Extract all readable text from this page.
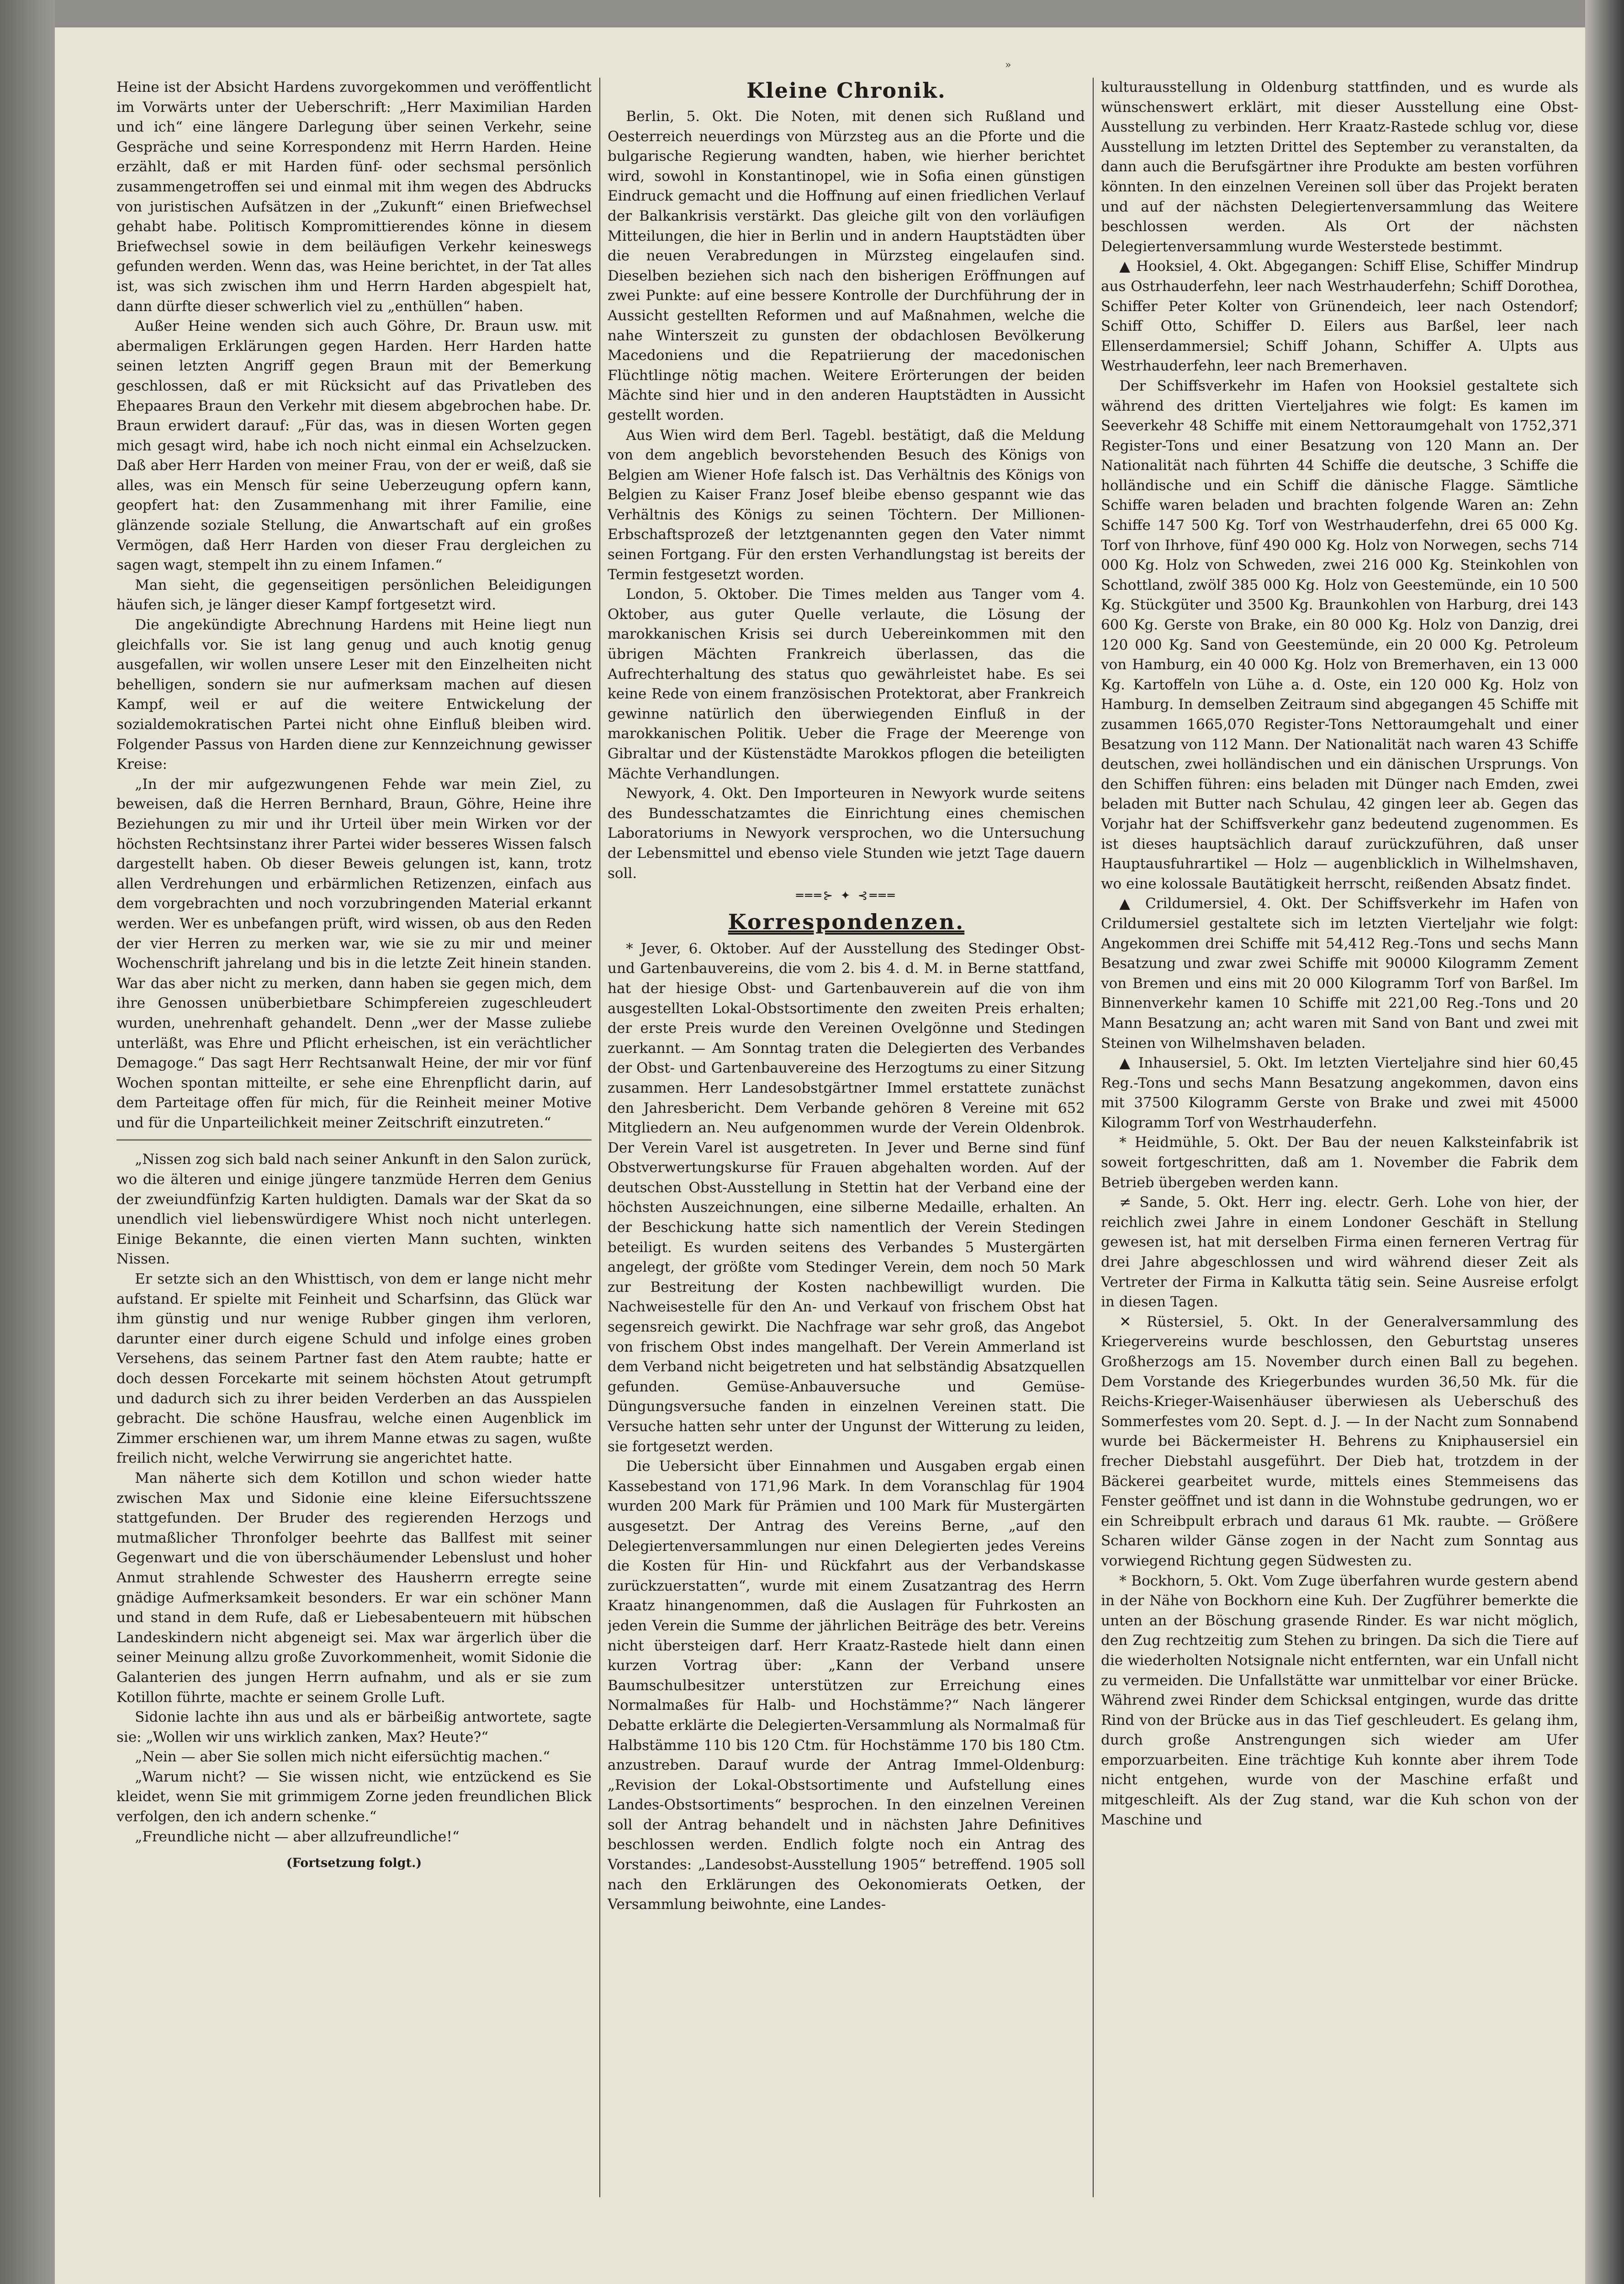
»

Heine ist der Absicht Hardens zuvorgekommen und veröffentlicht im Vorwärts unter der Ueberschrift: „Herr Maximilian Harden und ich“ eine längere Darlegung über seinen Verkehr, seine Gespräche und seine Korrespondenz mit Herrn Harden. Heine erzählt, daß er mit Harden fünf- oder sechsmal persönlich zusammengetroffen sei und einmal mit ihm wegen des Abdrucks von juristischen Aufsätzen in der „Zukunft“ einen Briefwechsel gehabt habe. Politisch Kompromittierendes könne in diesem Briefwechsel sowie in dem beiläufigen Verkehr keineswegs gefunden werden. Wenn das, was Heine berichtet, in der Tat alles ist, was sich zwischen ihm und Herrn Harden abgespielt hat, dann dürfte dieser schwerlich viel zu „enthüllen“ haben.

Außer Heine wenden sich auch Göhre, Dr. Braun usw. mit abermaligen Erklärungen gegen Harden. Herr Harden hatte seinen letzten Angriff gegen Braun mit der Bemerkung geschlossen, daß er mit Rücksicht auf das Privatleben des Ehepaares Braun den Verkehr mit diesem abgebrochen habe. Dr. Braun erwidert darauf: „Für das, was in diesen Worten gegen mich gesagt wird, habe ich noch nicht einmal ein Achselzucken. Daß aber Herr Harden von meiner Frau, von der er weiß, daß sie alles, was ein Mensch für seine Ueberzeugung opfern kann, geopfert hat: den Zusammenhang mit ihrer Familie, eine glänzende soziale Stellung, die Anwartschaft auf ein großes Vermögen, daß Herr Harden von dieser Frau dergleichen zu sagen wagt, stempelt ihn zu einem Infamen.“

Man sieht, die gegenseitigen persönlichen Beleidigungen häufen sich, je länger dieser Kampf fortgesetzt wird.

Die angekündigte Abrechnung Hardens mit Heine liegt nun gleichfalls vor. Sie ist lang genug und auch knotig genug ausgefallen, wir wollen unsere Leser mit den Einzelheiten nicht behelligen, sondern sie nur aufmerksam machen auf diesen Kampf, weil er auf die weitere Entwickelung der sozialdemokratischen Partei nicht ohne Einfluß bleiben wird. Folgender Passus von Harden diene zur Kennzeichnung gewisser Kreise:

„In der mir aufgezwungenen Fehde war mein Ziel, zu beweisen, daß die Herren Bernhard, Braun, Göhre, Heine ihre Beziehungen zu mir und ihr Urteil über mein Wirken vor der höchsten Rechtsinstanz ihrer Partei wider besseres Wissen falsch dargestellt haben. Ob dieser Beweis gelungen ist, kann, trotz allen Verdrehungen und erbärmlichen Retizenzen, einfach aus dem vorgebrachten und noch vorzubringenden Material erkannt werden. Wer es unbefangen prüft, wird wissen, ob aus den Reden der vier Herren zu merken war, wie sie zu mir und meiner Wochenschrift jahrelang und bis in die letzte Zeit hinein standen. War das aber nicht zu merken, dann haben sie gegen mich, dem ihre Genossen unüberbietbare Schimpfereien zugeschleudert wurden, unehrenhaft gehandelt. Denn „wer der Masse zuliebe unterläßt, was Ehre und Pflicht erheischen, ist ein verächtlicher Demagoge.“ Das sagt Herr Rechtsanwalt Heine, der mir vor fünf Wochen spontan mitteilte, er sehe eine Ehrenpflicht darin, auf dem Parteitage offen für mich, für die Reinheit meiner Motive und für die Unparteilichkeit meiner Zeitschrift einzutreten.“

„Nissen zog sich bald nach seiner Ankunft in den Salon zurück, wo die älteren und einige jüngere tanzmüde Herren dem Genius der zweiundfünfzig Karten huldigten. Damals war der Skat da so unendlich viel liebenswürdigere Whist noch nicht unterlegen. Einige Bekannte, die einen vierten Mann suchten, winkten Nissen.

Er setzte sich an den Whisttisch, von dem er lange nicht mehr aufstand. Er spielte mit Feinheit und Scharfsinn, das Glück war ihm günstig und nur wenige Rubber gingen ihm verloren, darunter einer durch eigene Schuld und infolge eines groben Versehens, das seinem Partner fast den Atem raubte; hatte er doch dessen Forcekarte mit seinem höchsten Atout getrumpft und dadurch sich zu ihrer beiden Verderben an das Ausspielen gebracht. Die schöne Hausfrau, welche einen Augenblick im Zimmer erschienen war, um ihrem Manne etwas zu sagen, wußte freilich nicht, welche Verwirrung sie angerichtet hatte.

Man näherte sich dem Kotillon und schon wieder hatte zwischen Max und Sidonie eine kleine Eifersuchtsszene stattgefunden. Der Bruder des regierenden Herzogs und mutmaßlicher Thronfolger beehrte das Ballfest mit seiner Gegenwart und die von überschäumender Lebenslust und hoher Anmut strahlende Schwester des Hausherrn erregte seine gnädige Aufmerksamkeit besonders. Er war ein schöner Mann und stand in dem Rufe, daß er Liebesabenteuern mit hübschen Landeskindern nicht abgeneigt sei. Max war ärgerlich über die seiner Meinung allzu große Zuvorkommenheit, womit Sidonie die Galanterien des jungen Herrn aufnahm, und als er sie zum Kotillon führte, machte er seinem Grolle Luft.

Sidonie lachte ihn aus und als er bärbeißig antwortete, sagte sie: „Wollen wir uns wirklich zanken, Max? Heute?“

„Nein — aber Sie sollen mich nicht eifersüchtig machen.“

„Warum nicht? — Sie wissen nicht, wie entzückend es Sie kleidet, wenn Sie mit grimmigem Zorne jeden freundlichen Blick verfolgen, den ich andern schenke.“

„Freundliche nicht — aber allzufreundliche!“

(Fortsetzung folgt.)
Kleine Chronik.

Berlin, 5. Okt. Die Noten, mit denen sich Rußland und Oesterreich neuerdings von Mürzsteg aus an die Pforte und die bulgarische Regierung wandten, haben, wie hierher berichtet wird, sowohl in Konstantinopel, wie in Sofia einen günstigen Eindruck gemacht und die Hoffnung auf einen friedlichen Verlauf der Balkankrisis verstärkt. Das gleiche gilt von den vorläufigen Mitteilungen, die hier in Berlin und in andern Hauptstädten über die neuen Verabredungen in Mürzsteg eingelaufen sind. Dieselben beziehen sich nach den bisherigen Eröffnungen auf zwei Punkte: auf eine bessere Kontrolle der Durchführung der in Aussicht gestellten Reformen und auf Maßnahmen, welche die nahe Winterszeit zu gunsten der obdachlosen Bevölkerung Macedoniens und die Repatriierung der macedonischen Flüchtlinge nötig machen. Weitere Erörterungen der beiden Mächte sind hier und in den anderen Hauptstädten in Aussicht gestellt worden.

Aus Wien wird dem Berl. Tagebl. bestätigt, daß die Meldung von dem angeblich bevorstehenden Besuch des Königs von Belgien am Wiener Hofe falsch ist. Das Verhältnis des Königs von Belgien zu Kaiser Franz Josef bleibe ebenso gespannt wie das Verhältnis des Königs zu seinen Töchtern. Der Millionen-Erbschaftsprozeß der letztgenannten gegen den Vater nimmt seinen Fortgang. Für den ersten Verhandlungstag ist bereits der Termin festgesetzt worden.

London, 5. Oktober. Die Times melden aus Tanger vom 4. Oktober, aus guter Quelle verlaute, die Lösung der marokkanischen Krisis sei durch Uebereinkommen mit den übrigen Mächten Frankreich überlassen, das die Aufrechterhaltung des status quo gewährleistet habe. Es sei keine Rede von einem französischen Protektorat, aber Frankreich gewinne natürlich den überwiegenden Einfluß in der marokkanischen Politik. Ueber die Frage der Meerenge von Gibraltar und der Küstenstädte Marokkos pflogen die beteiligten Mächte Verhandlungen.

Newyork, 4. Okt. Den Importeuren in Newyork wurde seitens des Bundesschatzamtes die Einrichtung eines chemischen Laboratoriums in Newyork versprochen, wo die Untersuchung der Lebensmittel und ebenso viele Stunden wie jetzt Tage dauern soll.

═══⊱ ✦ ⊰═══
Korrespondenzen.

* Jever, 6. Oktober. Auf der Ausstellung des Stedinger Obst- und Gartenbauvereins, die vom 2. bis 4. d. M. in Berne stattfand, hat der hiesige Obst- und Gartenbauverein auf die von ihm ausgestellten Lokal-Obstsortimente den zweiten Preis erhalten; der erste Preis wurde den Vereinen Ovelgönne und Stedingen zuerkannt. — Am Sonntag traten die Delegierten des Verbandes der Obst- und Gartenbauvereine des Herzogtums zu einer Sitzung zusammen. Herr Landesobstgärtner Immel erstattete zunächst den Jahresbericht. Dem Verbande gehören 8 Vereine mit 652 Mitgliedern an. Neu aufgenommen wurde der Verein Oldenbrok. Der Verein Varel ist ausgetreten. In Jever und Berne sind fünf Obstverwertungskurse für Frauen abgehalten worden. Auf der deutschen Obst-Ausstellung in Stettin hat der Verband eine der höchsten Auszeichnungen, eine silberne Medaille, erhalten. An der Beschickung hatte sich namentlich der Verein Stedingen beteiligt. Es wurden seitens des Verbandes 5 Mustergärten angelegt, der größte vom Stedinger Verein, dem noch 50 Mark zur Bestreitung der Kosten nachbewilligt wurden. Die Nachweisestelle für den An- und Verkauf von frischem Obst hat segensreich gewirkt. Die Nachfrage war sehr groß, das Angebot von frischem Obst indes mangelhaft. Der Verein Ammerland ist dem Verband nicht beigetreten und hat selbständig Absatzquellen gefunden. Gemüse-Anbauversuche und Gemüse-Düngungsversuche fanden in einzelnen Vereinen statt. Die Versuche hatten sehr unter der Ungunst der Witterung zu leiden, sie fortgesetzt werden.

Die Uebersicht über Einnahmen und Ausgaben ergab einen Kassebestand von 171,96 Mark. In dem Voranschlag für 1904 wurden 200 Mark für Prämien und 100 Mark für Mustergärten ausgesetzt. Der Antrag des Vereins Berne, „auf den Delegiertenversammlungen nur einen Delegierten jedes Vereins die Kosten für Hin- und Rückfahrt aus der Verbandskasse zurückzuerstatten“, wurde mit einem Zusatzantrag des Herrn Kraatz hinangenommen, daß die Auslagen für Fuhrkosten an jeden Verein die Summe der jährlichen Beiträge des betr. Vereins nicht übersteigen darf. Herr Kraatz-Rastede hielt dann einen kurzen Vortrag über: „Kann der Verband unsere Baumschulbesitzer unterstützen zur Erreichung eines Normalmaßes für Halb- und Hochstämme?“ Nach längerer Debatte erklärte die Delegierten-Versammlung als Normalmaß für Halbstämme 110 bis 120 Ctm. für Hochstämme 170 bis 180 Ctm. anzustreben. Darauf wurde der Antrag Immel-Oldenburg: „Revision der Lokal-Obstsortimente und Aufstellung eines Landes-Obstsortiments“ besprochen. In den einzelnen Vereinen soll der Antrag behandelt und in nächsten Jahre Definitives beschlossen werden. Endlich folgte noch ein Antrag des Vorstandes: „Landesobst-Ausstellung 1905“ betreffend. 1905 soll nach den Erklärungen des Oekonomierats Oetken, der Versammlung beiwohnte, eine Landes-

kulturausstellung in Oldenburg stattfinden, und es wurde als wünschenswert erklärt, mit dieser Ausstellung eine Obst-Ausstellung zu verbinden. Herr Kraatz-Rastede schlug vor, diese Ausstellung im letzten Drittel des September zu veranstalten, da dann auch die Berufsgärtner ihre Produkte am besten vorführen könnten. In den einzelnen Vereinen soll über das Projekt beraten und auf der nächsten Delegiertenversammlung das Weitere beschlossen werden. Als Ort der nächsten Delegiertenversammlung wurde Westerstede bestimmt.

▲ Hooksiel, 4. Okt. Abgegangen: Schiff Elise, Schiffer Mindrup aus Ostrhauderfehn, leer nach Westrhauderfehn; Schiff Dorothea, Schiffer Peter Kolter von Grünendeich, leer nach Ostendorf; Schiff Otto, Schiffer D. Eilers aus Barßel, leer nach Ellenserdammersiel; Schiff Johann, Schiffer A. Ulpts aus Westrhauderfehn, leer nach Bremerhaven.

Der Schiffsverkehr im Hafen von Hooksiel gestaltete sich während des dritten Vierteljahres wie folgt: Es kamen im Seeverkehr 48 Schiffe mit einem Nettoraumgehalt von 1752,371 Register-Tons und einer Besatzung von 120 Mann an. Der Nationalität nach führten 44 Schiffe die deutsche, 3 Schiffe die holländische und ein Schiff die dänische Flagge. Sämtliche Schiffe waren beladen und brachten folgende Waren an: Zehn Schiffe 147 500 Kg. Torf von Westrhauderfehn, drei 65 000 Kg. Torf von Ihrhove, fünf 490 000 Kg. Holz von Norwegen, sechs 714 000 Kg. Holz von Schweden, zwei 216 000 Kg. Steinkohlen von Schottland, zwölf 385 000 Kg. Holz von Geestemünde, ein 10 500 Kg. Stückgüter und 3500 Kg. Braunkohlen von Harburg, drei 143 600 Kg. Gerste von Brake, ein 80 000 Kg. Holz von Danzig, drei 120 000 Kg. Sand von Geestemünde, ein 20 000 Kg. Petroleum von Hamburg, ein 40 000 Kg. Holz von Bremerhaven, ein 13 000 Kg. Kartoffeln von Lühe a. d. Oste, ein 120 000 Kg. Holz von Hamburg. In demselben Zeitraum sind abgegangen 45 Schiffe mit zusammen 1665,070 Register-Tons Nettoraumgehalt und einer Besatzung von 112 Mann. Der Nationalität nach waren 43 Schiffe deutschen, zwei holländischen und ein dänischen Ursprungs. Von den Schiffen führen: eins beladen mit Dünger nach Emden, zwei beladen mit Butter nach Schulau, 42 gingen leer ab. Gegen das Vorjahr hat der Schiffsverkehr ganz bedeutend zugenommen. Es ist dieses hauptsächlich darauf zurückzuführen, daß unser Hauptausfuhrartikel — Holz — augenblicklich in Wilhelmshaven, wo eine kolossale Bautätigkeit herrscht, reißenden Absatz findet.

▲ Crildumersiel, 4. Okt. Der Schiffsverkehr im Hafen von Crildumersiel gestaltete sich im letzten Vierteljahr wie folgt: Angekommen drei Schiffe mit 54,412 Reg.-Tons und sechs Mann Besatzung und zwar zwei Schiffe mit 90000 Kilogramm Zement von Bremen und eins mit 20 000 Kilogramm Torf von Barßel. Im Binnenverkehr kamen 10 Schiffe mit 221,00 Reg.-Tons und 20 Mann Besatzung an; acht waren mit Sand von Bant und zwei mit Steinen von Wilhelmshaven beladen.

▲ Inhausersiel, 5. Okt. Im letzten Vierteljahre sind hier 60,45 Reg.-Tons und sechs Mann Besatzung angekommen, davon eins mit 37500 Kilogramm Gerste von Brake und zwei mit 45000 Kilogramm Torf von Westrhauderfehn.

* Heidmühle, 5. Okt. Der Bau der neuen Kalksteinfabrik ist soweit fortgeschritten, daß am 1. November die Fabrik dem Betrieb übergeben werden kann.

≠ Sande, 5. Okt. Herr ing. electr. Gerh. Lohe von hier, der reichlich zwei Jahre in einem Londoner Geschäft in Stellung gewesen ist, hat mit derselben Firma einen ferneren Vertrag für drei Jahre abgeschlossen und wird während dieser Zeit als Vertreter der Firma in Kalkutta tätig sein. Seine Ausreise erfolgt in diesen Tagen.

✕ Rüstersiel, 5. Okt. In der Generalversammlung des Kriegervereins wurde beschlossen, den Geburtstag unseres Großherzogs am 15. November durch einen Ball zu begehen. Dem Vorstande des Kriegerbundes wurden 36,50 Mk. für die Reichs-Krieger-Waisenhäuser überwiesen als Ueberschuß des Sommerfestes vom 20. Sept. d. J. — In der Nacht zum Sonnabend wurde bei Bäckermeister H. Behrens zu Kniphausersiel ein frecher Diebstahl ausgeführt. Der Dieb hat, trotzdem in der Bäckerei gearbeitet wurde, mittels eines Stemmeisens das Fenster geöffnet und ist dann in die Wohnstube gedrungen, wo er ein Schreibpult erbrach und daraus 61 Mk. raubte. — Größere Scharen wilder Gänse zogen in der Nacht zum Sonntag aus vorwiegend Richtung gegen Südwesten zu.

* Bockhorn, 5. Okt. Vom Zuge überfahren wurde gestern abend in der Nähe von Bockhorn eine Kuh. Der Zugführer bemerkte die unten an der Böschung grasende Rinder. Es war nicht möglich, den Zug rechtzeitig zum Stehen zu bringen. Da sich die Tiere auf die wiederholten Notsignale nicht entfernten, war ein Unfall nicht zu vermeiden. Die Unfallstätte war unmittelbar vor einer Brücke. Während zwei Rinder dem Schicksal entgingen, wurde das dritte Rind von der Brücke aus in das Tief geschleudert. Es gelang ihm, durch große Anstrengungen sich wieder am Ufer emporzuarbeiten. Eine trächtige Kuh konnte aber ihrem Tode nicht entgehen, wurde von der Maschine erfaßt und mitgeschleift. Als der Zug stand, war die Kuh schon von der Maschine und
